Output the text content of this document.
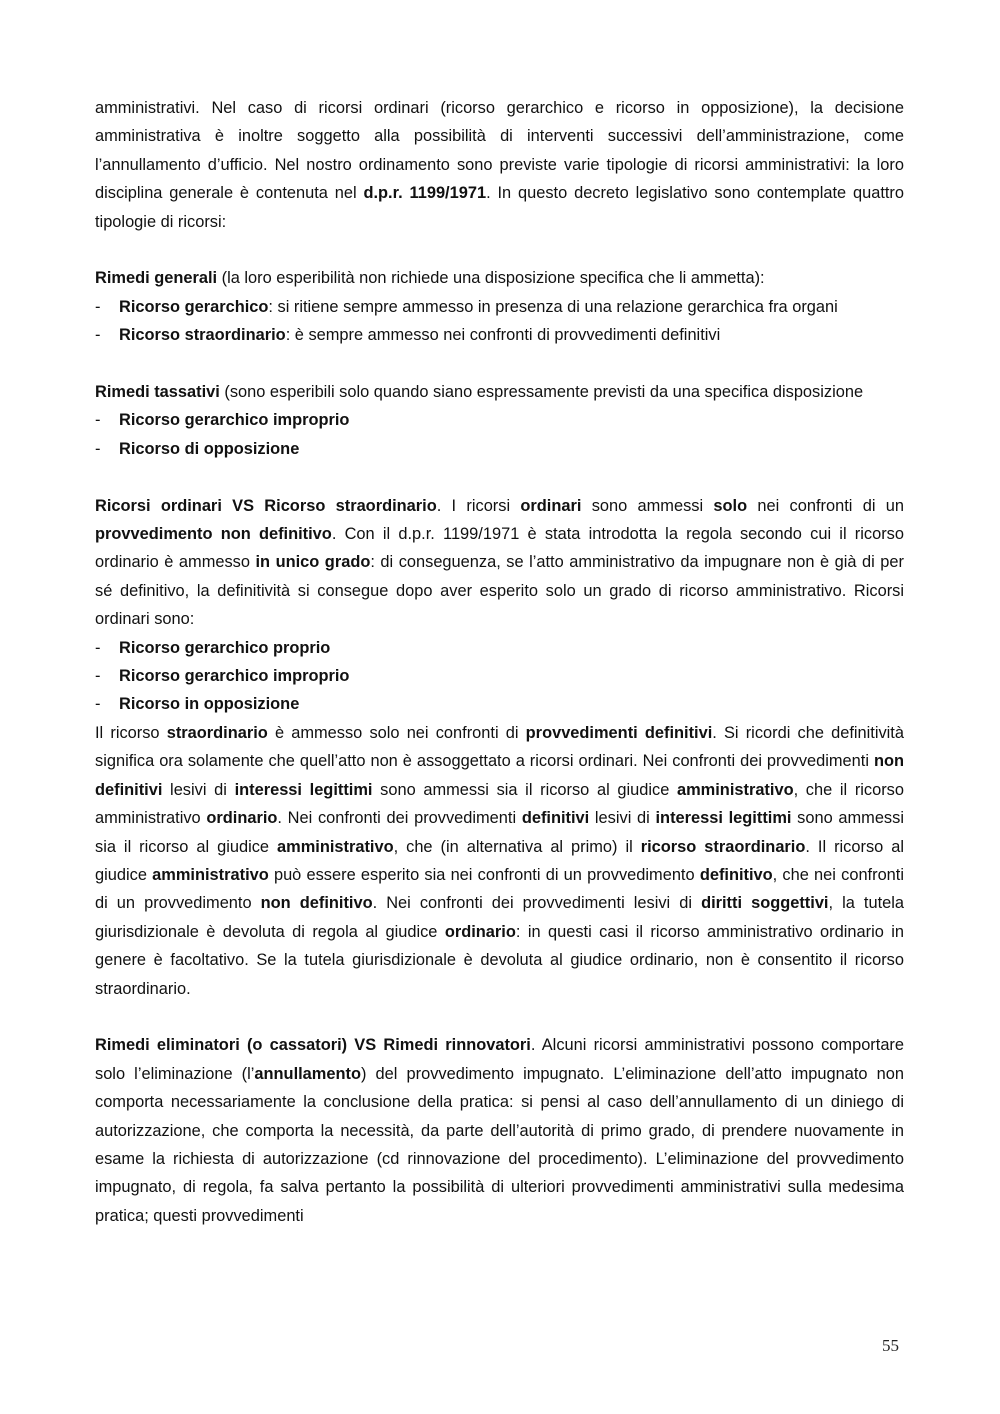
amministrativi. Nel caso di ricorsi ordinari (ricorso gerarchico e ricorso in opposizione), la decisione amministrativa è inoltre soggetto alla possibilità di interventi successivi dell’amministrazione, come l’annullamento d’ufficio. Nel nostro ordinamento sono previste varie tipologie di ricorsi amministrativi: la loro disciplina generale è contenuta nel d.p.r. 1199/1971. In questo decreto legislativo sono contemplate quattro tipologie di ricorsi:

Rimedi generali (la loro esperibilità non richiede una disposizione specifica che li ammetta):

- Ricorso gerarchico: si ritiene sempre ammesso in presenza di una relazione gerarchica fra organi
- Ricorso straordinario: è sempre ammesso nei confronti di provvedimenti definitivi

Rimedi tassativi (sono esperibili solo quando siano espressamente previsti da una specifica disposizione

- Ricorso gerarchico improprio
- Ricorso di opposizione

Ricorsi ordinari VS Ricorso straordinario. I ricorsi ordinari sono ammessi solo nei confronti di un provvedimento non definitivo. Con il d.p.r. 1199/1971 è stata introdotta la regola secondo cui il ricorso ordinario è ammesso in unico grado: di conseguenza, se l’atto amministrativo da impugnare non è già di per sé definitivo, la definitività si consegue dopo aver esperito solo un grado di ricorso amministrativo. Ricorsi ordinari sono:

- Ricorso gerarchico proprio
- Ricorso gerarchico improprio
- Ricorso in opposizione

Il ricorso straordinario è ammesso solo nei confronti di provvedimenti definitivi. Si ricordi che definitività significa ora solamente che quell’atto non è assoggettato a ricorsi ordinari. Nei confronti dei provvedimenti non definitivi lesivi di interessi legittimi sono ammessi sia il ricorso al giudice amministrativo, che il ricorso amministrativo ordinario. Nei confronti dei provvedimenti definitivi lesivi di interessi legittimi sono ammessi sia il ricorso al giudice amministrativo, che (in alternativa al primo) il ricorso straordinario. Il ricorso al giudice amministrativo può essere esperito sia nei confronti di un provvedimento definitivo, che nei confronti di un provvedimento non definitivo. Nei confronti dei provvedimenti lesivi di diritti soggettivi, la tutela giurisdizionale è devoluta di regola al giudice ordinario: in questi casi il ricorso amministrativo ordinario in genere è facoltativo. Se la tutela giurisdizionale è devoluta al giudice ordinario, non è consentito il ricorso straordinario.

Rimedi eliminatori (o cassatori) VS Rimedi rinnovatori. Alcuni ricorsi amministrativi possono comportare solo l’eliminazione (l’annullamento) del provvedimento impugnato. L’eliminazione dell’atto impugnato non comporta necessariamente la conclusione della pratica: si pensi al caso dell’annullamento di un diniego di autorizzazione, che comporta la necessità, da parte dell’autorità di primo grado, di prendere nuovamente in esame la richiesta di autorizzazione (cd rinnovazione del procedimento). L’eliminazione del provvedimento impugnato, di regola, fa salva pertanto la possibilità di ulteriori provvedimenti amministrativi sulla medesima pratica; questi provvedimenti

55
